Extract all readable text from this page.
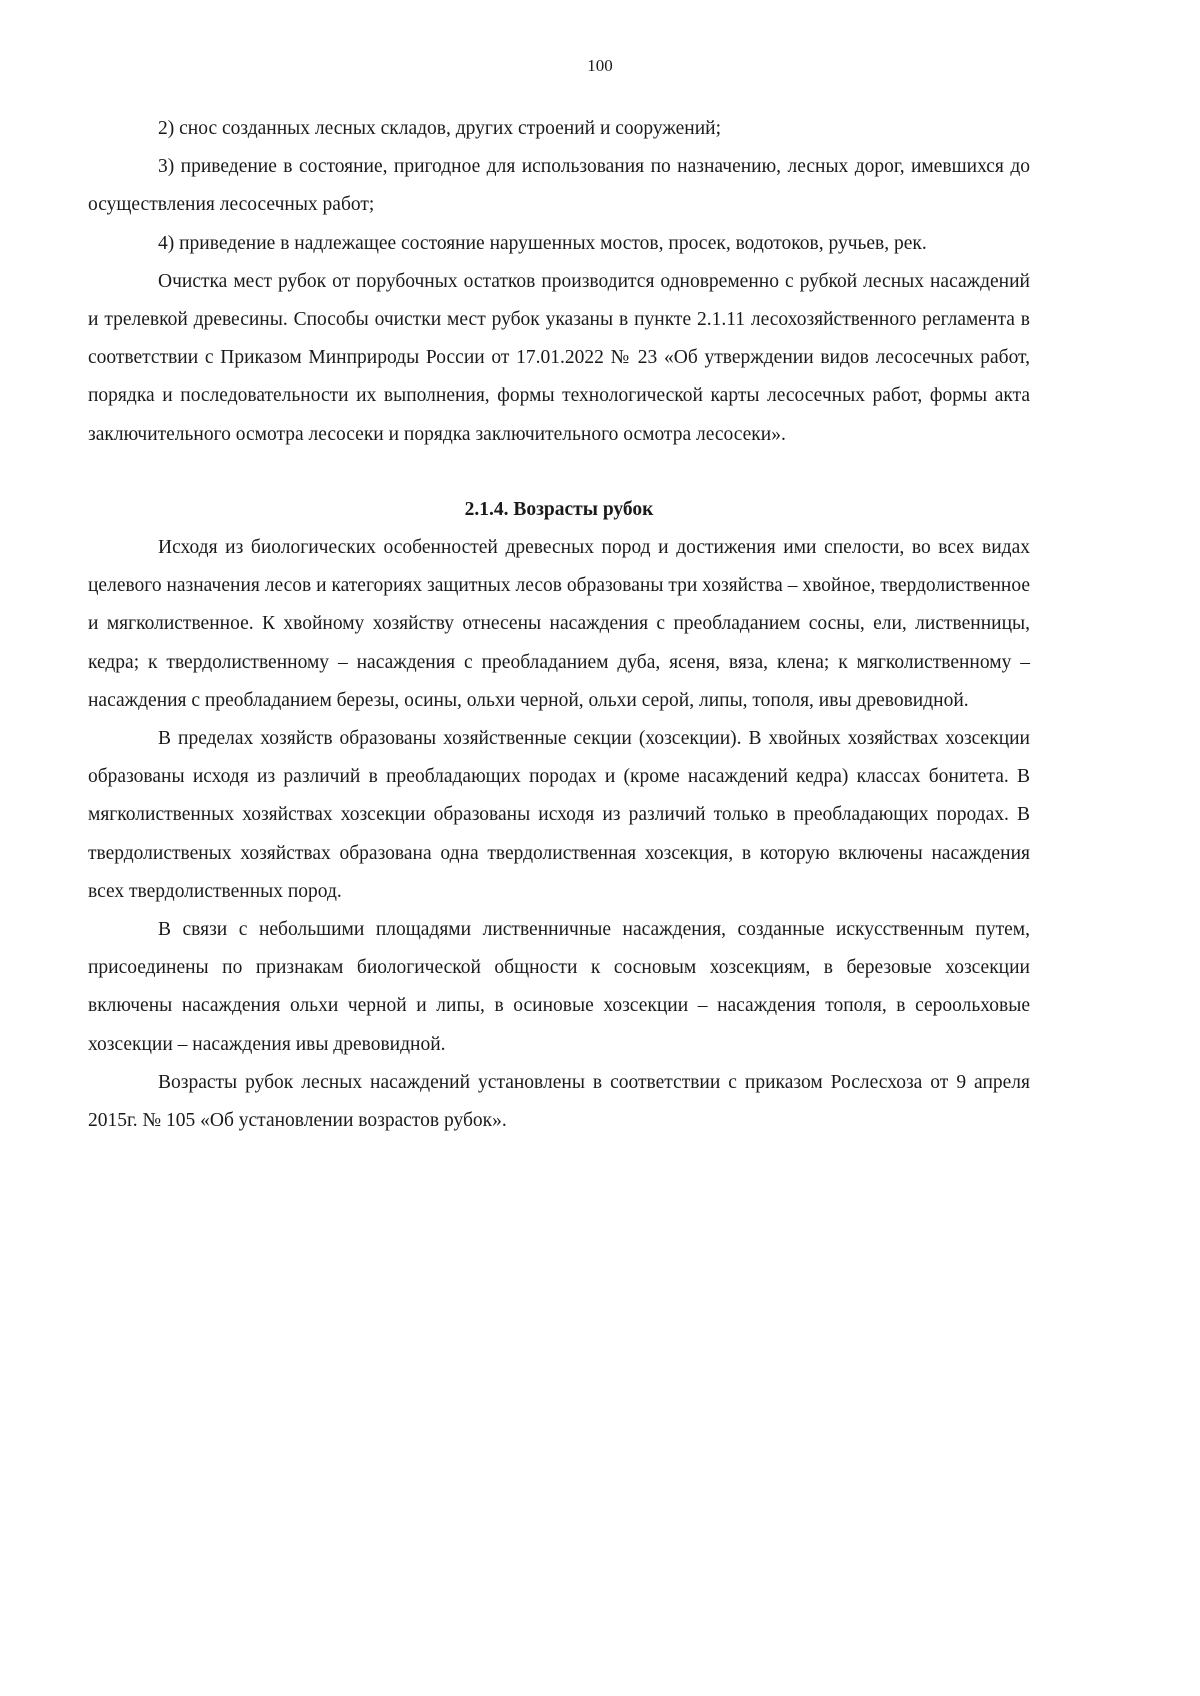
100

2) снос созданных лесных складов, других строений и сооружений;

3) приведение в состояние, пригодное для использования по назначению, лесных дорог, имевшихся до осуществления лесосечных работ;

4) приведение в надлежащее состояние нарушенных мостов, просек, водотоков, ручьев, рек.

Очистка мест рубок от порубочных остатков производится одновременно с рубкой лесных насаждений и трелевкой древесины. Способы очистки мест рубок указаны в пункте 2.1.11 лесохозяйственного регламента в соответствии с Приказом Минприроды России от 17.01.2022 № 23 «Об утверждении видов лесосечных работ, порядка и последовательности их выполнения, формы технологической карты лесосечных работ, формы акта заключительного осмотра лесосеки и порядка заключительного осмотра лесосеки».

2.1.4. Возрасты рубок

Исходя из биологических особенностей древесных пород и достижения ими спелости, во всех видах целевого назначения лесов и категориях защитных лесов образованы три хозяйства – хвойное, твердолиственное и мягколиственное. К хвойному хозяйству отнесены насаждения с преобладанием сосны, ели, лиственницы, кедра; к твердолиственному – насаждения с преобладанием дуба, ясеня, вяза, клена; к мягколиственному – насаждения с преобладанием березы, осины, ольхи черной, ольхи серой, липы, тополя, ивы древовидной.

В пределах хозяйств образованы хозяйственные секции (хозсекции). В хвойных хозяйствах хозсекции образованы исходя из различий в преобладающих породах и (кроме насаждений кедра) классах бонитета. В мягколиственных хозяйствах хозсекции образованы исходя из различий только в преобладающих породах. В твердолиственых хозяйствах образована одна твердолиственная хозсекция, в которую включены насаждения всех твердолиственных пород.

В связи с небольшими площадями лиственничные насаждения, созданные искусственным путем, присоединены по признакам биологической общности к сосновым хозсекциям, в березовые хозсекции включены насаждения ольхи черной и липы, в осиновые хозсекции – насаждения тополя, в сероольховые хозсекции – насаждения ивы древовидной.

Возрасты рубок лесных насаждений установлены в соответствии с приказом Рослесхоза от 9 апреля 2015г. № 105 «Об установлении возрастов рубок».
